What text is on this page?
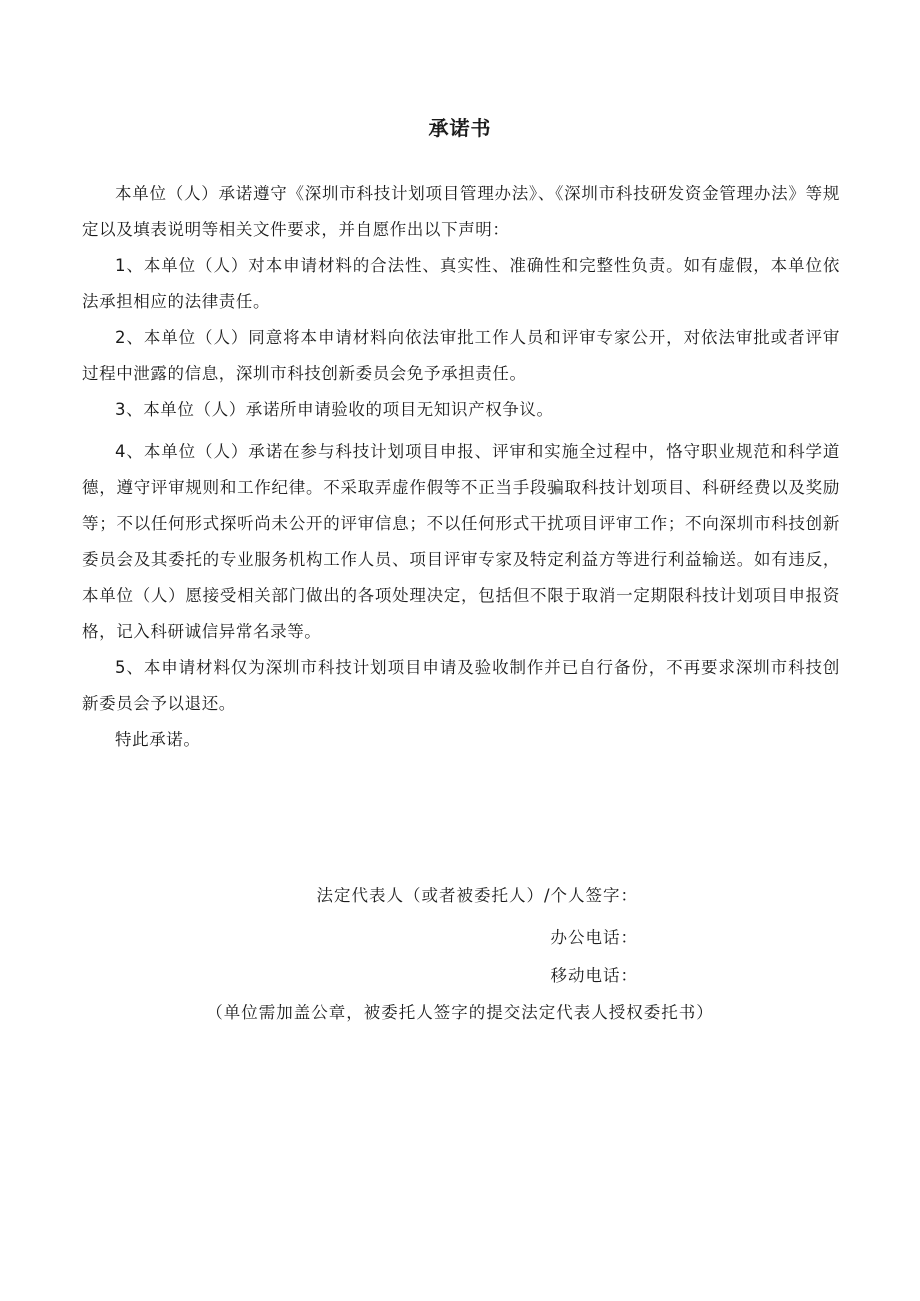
承诺书

本单位（人）承诺遵守《深圳市科技计划项目管理办法》、《深圳市科技研发资金管理办法》等规定以及填表说明等相关文件要求，并自愿作出以下声明：

1、本单位（人）对本申请材料的合法性、真实性、准确性和完整性负责。如有虚假，本单位依法承担相应的法律责任。

2、本单位（人）同意将本申请材料向依法审批工作人员和评审专家公开，对依法审批或者评审过程中泄露的信息，深圳市科技创新委员会免予承担责任。

3、本单位（人）承诺所申请验收的项目无知识产权争议。

4、本单位（人）承诺在参与科技计划项目申报、评审和实施全过程中，恪守职业规范和科学道德，遵守评审规则和工作纪律。不采取弄虚作假等不正当手段骗取科技计划项目、科研经费以及奖励等；不以任何形式探听尚未公开的评审信息；不以任何形式干扰项目评审工作；不向深圳市科技创新委员会及其委托的专业服务机构工作人员、项目评审专家及特定利益方等进行利益输送。如有违反，本单位（人）愿接受相关部门做出的各项处理决定，包括但不限于取消一定期限科技计划项目申报资格，记入科研诚信异常名录等。

5、本申请材料仅为深圳市科技计划项目申请及验收制作并已自行备份，不再要求深圳市科技创新委员会予以退还。

特此承诺。

法定代表人（或者被委托人）/个人签字：
办公电话：
移动电话：
（单位需加盖公章，被委托人签字的提交法定代表人授权委托书）
